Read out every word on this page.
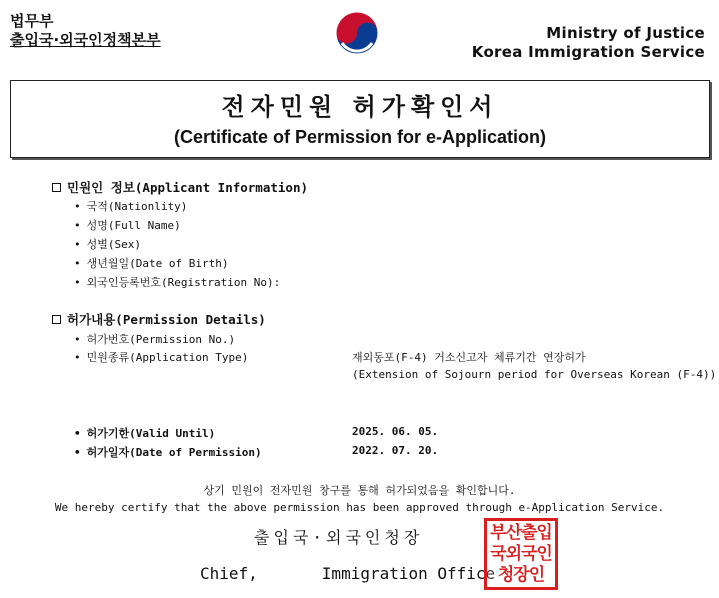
법무부
출입국·외국인정책본부	Ministry of Justice
Korea Immigration Service
전자민원 허가확인서
(Certificate of Permission for e-Application)
민원인 정보(Applicant Information)
• 국적(Nationlity)
• 성명(Full Name)
• 성별(Sex)
• 생년월일(Date of Birth)
• 외국인등록번호(Registration No):
허가내용(Permission Details)
• 허가번호(Permission No.)
• 민원종류(Application Type)	재외동포(F-4) 거소신고자 체류기간 연장허가
(Extension of Sojourn period for Overseas Korean (F-4))
• 허가기한(Valid Until)	2025. 06. 05.
• 허가일자(Date of Permission)	2022. 07. 20.
상기 민원이 전자민원 창구를 통해 허가되었음을 확인합니다.
We hereby certify that the above permission has been approved through e-Application Service.
출입국·외국인청장
Chief,	Immigration Office
부산출입
국외국인
청장인
